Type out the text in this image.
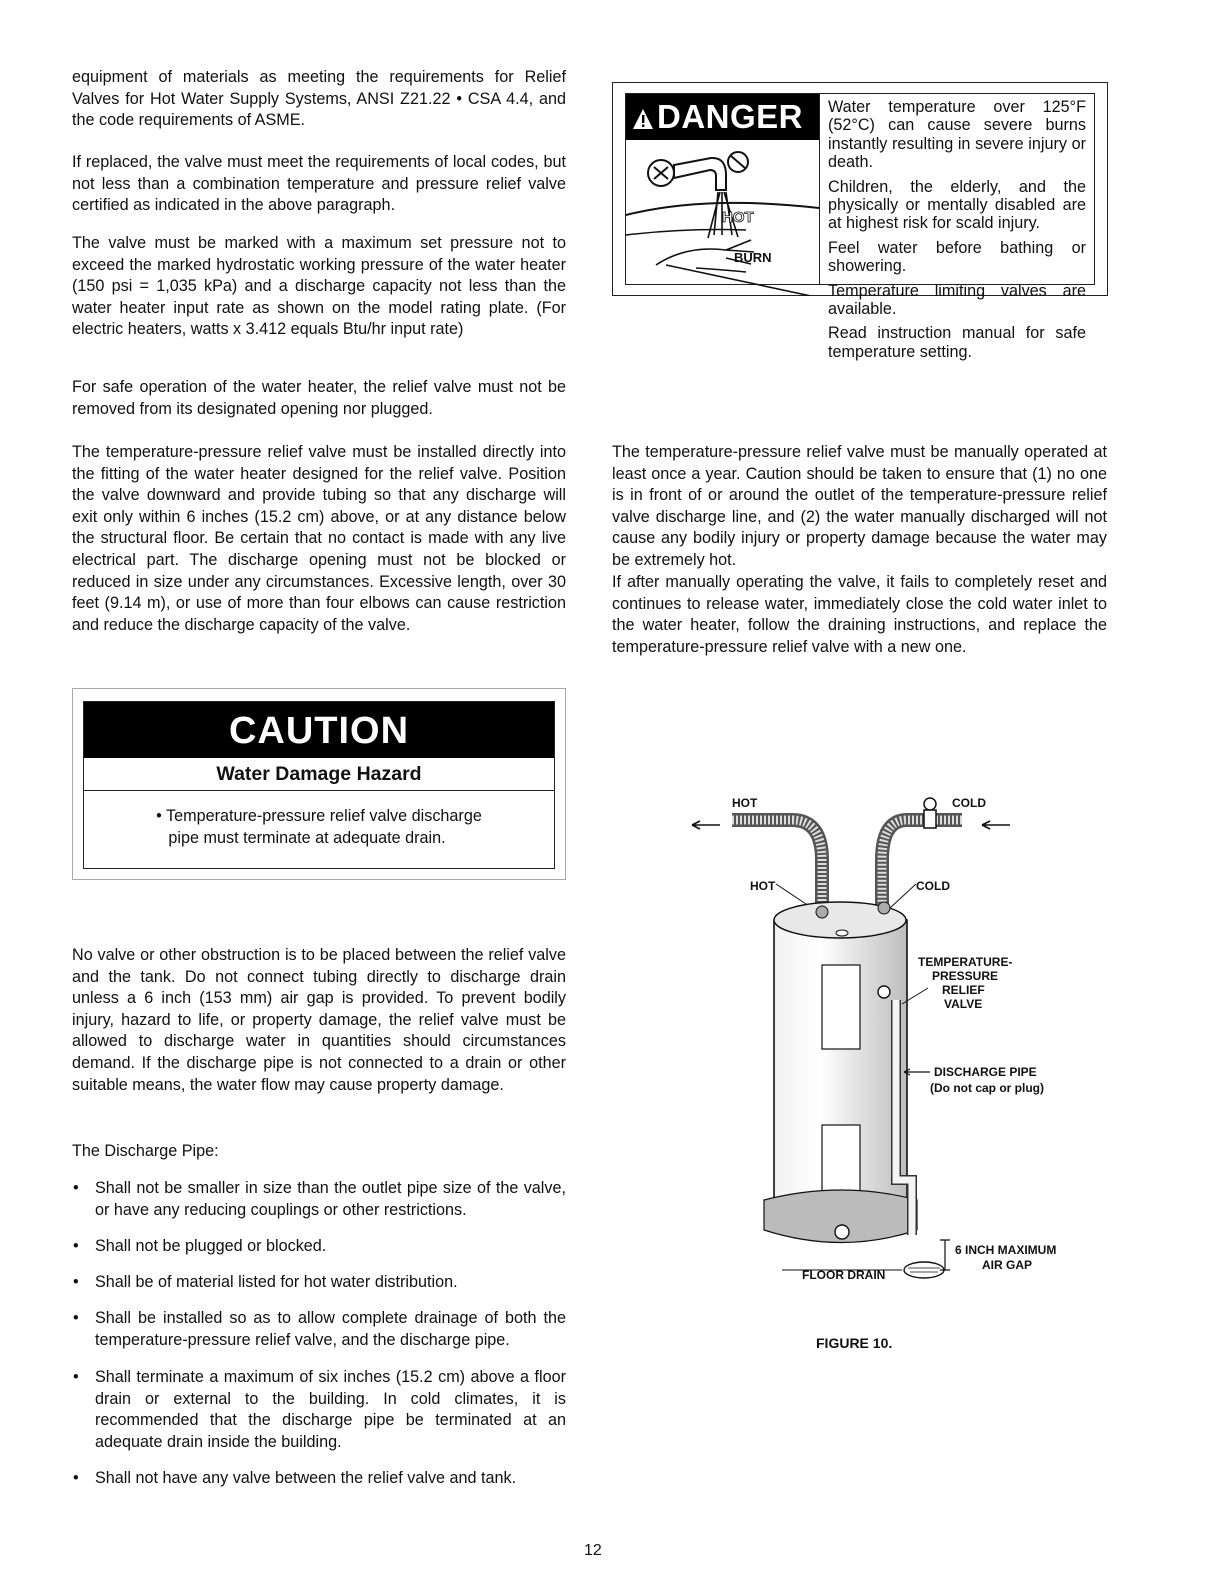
equipment of materials as meeting the requirements for Relief Valves for Hot Water Supply Systems, ANSI Z21.22 • CSA 4.4, and the code requirements of ASME.

If replaced, the valve must meet the requirements of local codes, but not less than a combination temperature and pressure relief valve certified as indicated in the above paragraph.

The valve must be marked with a maximum set pressure not to exceed the marked hydrostatic working pressure of the water heater (150 psi = 1,035 kPa) and a discharge capacity not less than the water heater input rate as shown on the model rating plate. (For electric heaters, watts x 3.412 equals Btu/hr input rate)

For safe operation of the water heater, the relief valve must not be removed from its designated opening nor plugged.

The temperature-pressure relief valve must be installed directly into the fitting of the water heater designed for the relief valve. Position the valve downward and provide tubing so that any discharge will exit only within 6 inches (15.2 cm) above, or at any distance below the structural floor. Be certain that no contact is made with any live electrical part. The discharge opening must not be blocked or reduced in size under any circumstances. Excessive length, over 30 feet (9.14 m), or use of more than four elbows can cause restriction and reduce the discharge capacity of the valve.

DANGER
HOT
BURN

Water temperature over 125°F (52°C) can cause severe burns instantly resulting in severe injury or death.

Children, the elderly, and the physically or mentally disabled are at highest risk for scald injury.

Feel water before bathing or showering.

Temperature limiting valves are available.

Read instruction manual for safe temperature setting.

The temperature-pressure relief valve must be manually operated at least once a year. Caution should be taken to ensure that (1) no one is in front of or around the outlet of the temperature-pressure relief valve discharge line, and (2) the water manually discharged will not cause any bodily injury or property damage because the water may be extremely hot.

If after manually operating the valve, it fails to completely reset and continues to release water, immediately close the cold water inlet to the water heater, follow the draining instructions, and replace the temperature-pressure relief valve with a new one.

CAUTION
Water Damage Hazard
• Temperature-pressure relief valve discharge
pipe must terminate at adequate drain.

No valve or other obstruction is to be placed between the relief valve and the tank. Do not connect tubing directly to discharge drain unless a 6 inch (153 mm) air gap is provided. To prevent bodily injury, hazard to life, or property damage, the relief valve must be allowed to discharge water in quantities should circumstances demand. If the discharge pipe is not connected to a drain or other suitable means, the water flow may cause property damage.

The Discharge Pipe:

• Shall not be smaller in size than the outlet pipe size of the valve, or have any reducing couplings or other restrictions.
• Shall not be plugged or blocked.
• Shall be of material listed for hot water distribution.
• Shall be installed so as to allow complete drainage of both the temperature-pressure relief valve, and the discharge pipe.
• Shall terminate a maximum of six inches (15.2 cm) above a floor drain or external to the building. In cold climates, it is recommended that the discharge pipe be terminated at an adequate drain inside the building.
• Shall not have any valve between the relief valve and tank.
HOT	COLD
HOT	COLD
TEMPERATURE-
PRESSURE
RELIEF
VALVE
DISCHARGE PIPE
(Do not cap or plug)
6 INCH MAXIMUM
AIR GAP
FLOOR DRAIN
FIGURE 10.
12
